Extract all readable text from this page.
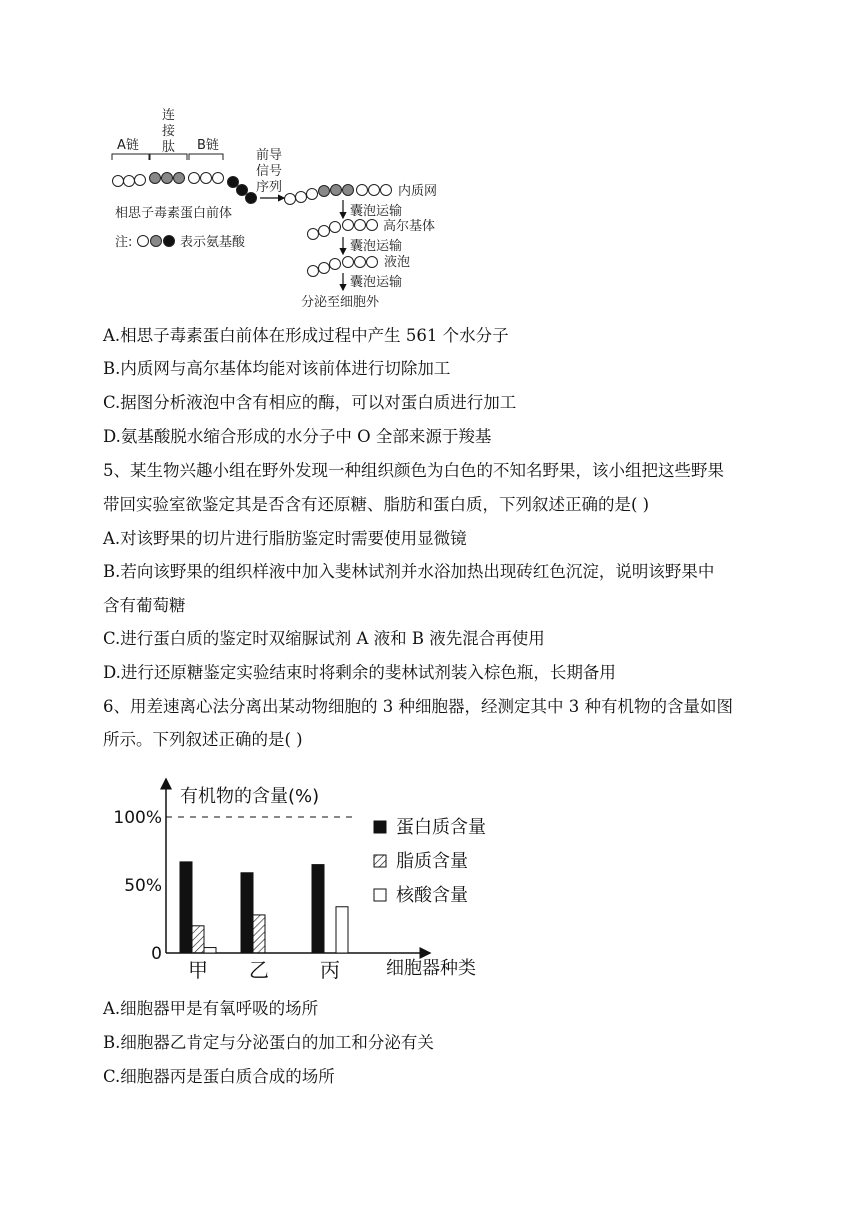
A链
连
接
肽 B链
前导
信号
序列
相思子毒素蛋白前体
内质网
囊泡运输
高尔基体
囊泡运输
液泡
囊泡运输
分泌至细胞外
注:	表示氨基酸
A.相思子毒素蛋白前体在形成过程中产生 561 个水分子
B.内质网与高尔基体均能对该前体进行切除加工
C.据图分析液泡中含有相应的酶，可以对蛋白质进行加工
D.氨基酸脱水缩合形成的水分子中 O 全部来源于羧基
5、某生物兴趣小组在野外发现一种组织颜色为白色的不知名野果，该小组把这些野果
带回实验室欲鉴定其是否含有还原糖、脂肪和蛋白质，下列叙述正确的是( )
A.对该野果的切片进行脂肪鉴定时需要使用显微镜
B.若向该野果的组织样液中加入斐林试剂并水浴加热出现砖红色沉淀，说明该野果中
含有葡萄糖
C.进行蛋白质的鉴定时双缩脲试剂 A 液和 B 液先混合再使用
D.进行还原糖鉴定实验结束时将剩余的斐林试剂装入棕色瓶，长期备用
6、用差速离心法分离出某动物细胞的 3 种细胞器，经测定其中 3 种有机物的含量如图
所示。下列叙述正确的是( )
0
50%
100%
甲 乙	丙
有机物的含量(%)
细胞器种类
蛋白质含量
脂质含量
核酸含量
A.细胞器甲是有氧呼吸的场所
B.细胞器乙肯定与分泌蛋白的加工和分泌有关
C.细胞器丙是蛋白质合成的场所
